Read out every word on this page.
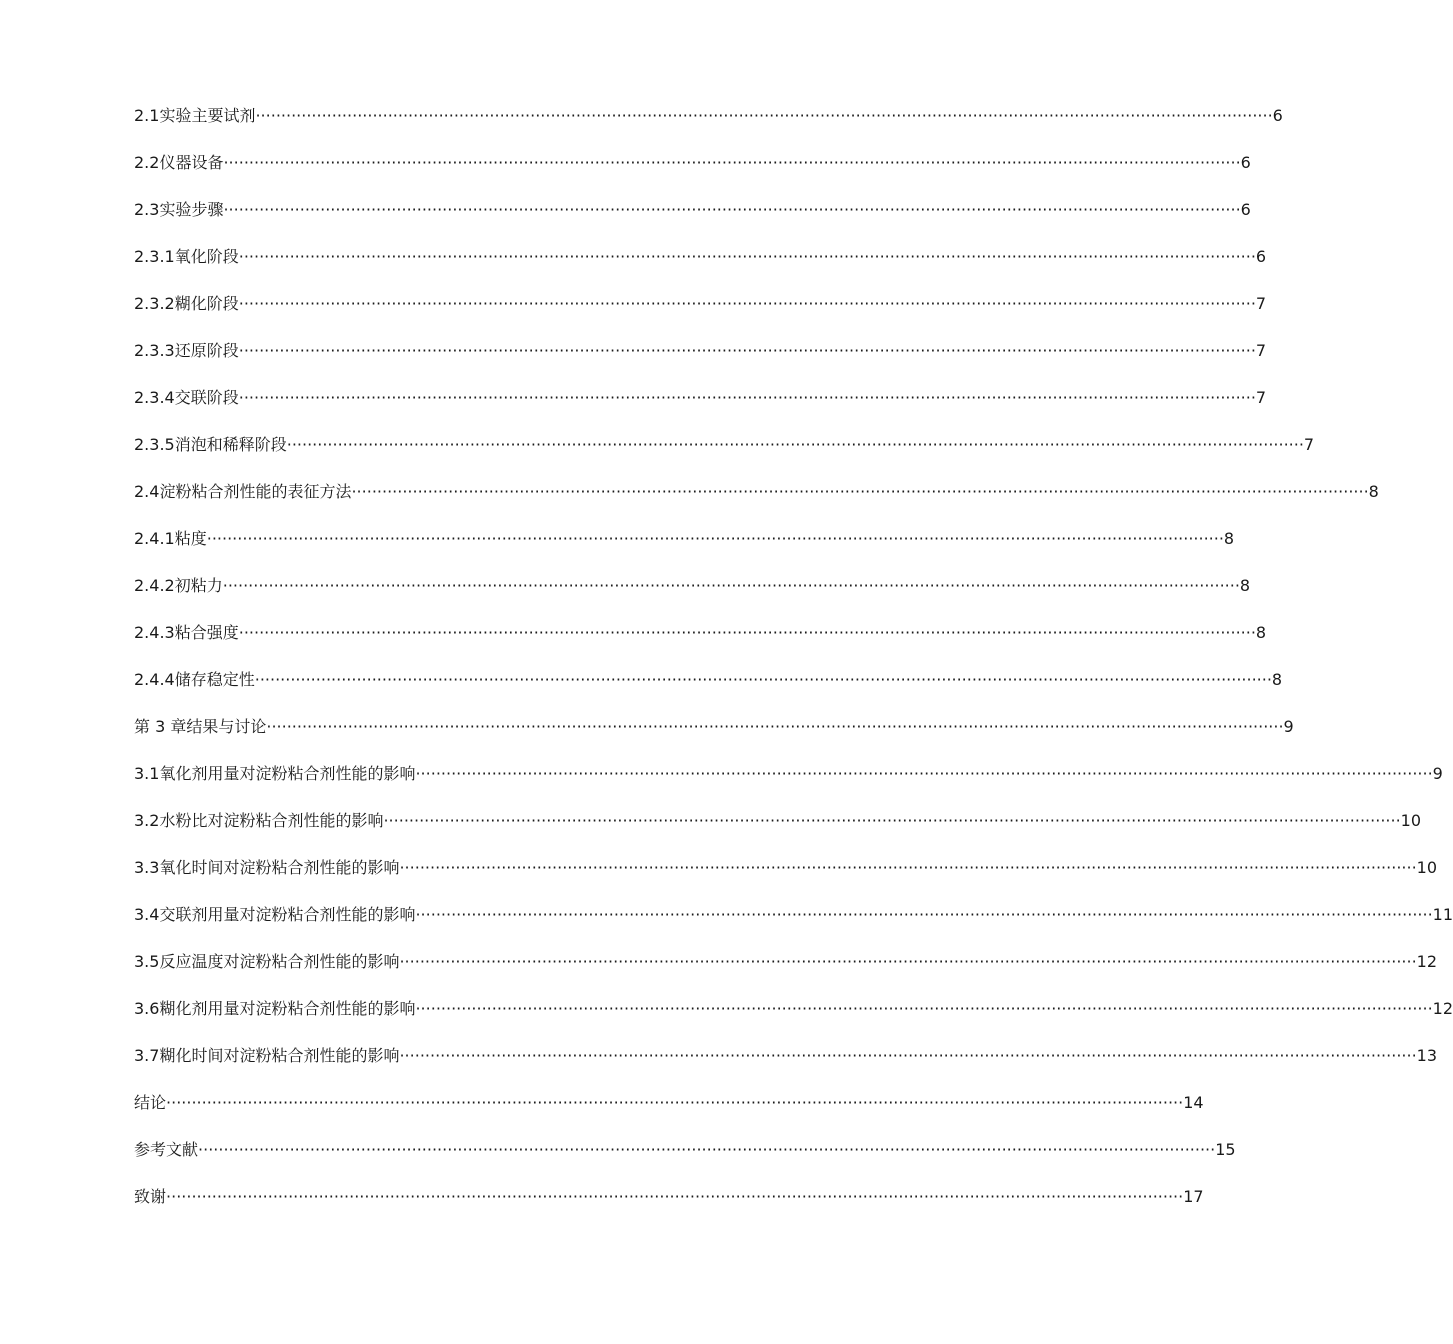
2.1 实验主要试剂 ········································································································································································································ 6
2.2 仪器设备 ········································································································································································································ 6
2.3 实验步骤 ········································································································································································································ 6
2.3.1 氧化阶段 ········································································································································································································ 6
2.3.2 糊化阶段 ········································································································································································································ 7
2.3.3 还原阶段 ········································································································································································································ 7
2.3.4 交联阶段 ········································································································································································································ 7
2.3.5 消泡和稀释阶段 ········································································································································································································ 7
2.4 淀粉粘合剂性能的表征方法 ········································································································································································································ 8
2.4.1 粘度 ········································································································································································································ 8
2.4.2 初粘力 ········································································································································································································ 8
2.4.3 粘合强度 ········································································································································································································ 8
2.4.4 储存稳定性 ········································································································································································································ 8
第 3 章结果与讨论 ········································································································································································································ 9
3.1 氧化剂用量对淀粉粘合剂性能的影响 ········································································································································································································ 9
3.2 水粉比对淀粉粘合剂性能的影响 ········································································································································································································ 10
3.3 氧化时间对淀粉粘合剂性能的影响 ········································································································································································································ 10
3.4 交联剂用量对淀粉粘合剂性能的影响 ········································································································································································································ 11
3.5 反应温度对淀粉粘合剂性能的影响 ········································································································································································································ 12
3.6 糊化剂用量对淀粉粘合剂性能的影响 ········································································································································································································ 12
3.7 糊化时间对淀粉粘合剂性能的影响 ········································································································································································································ 13
结论 ········································································································································································································ 14
参考文献 ········································································································································································································ 15
致谢 ········································································································································································································ 17
